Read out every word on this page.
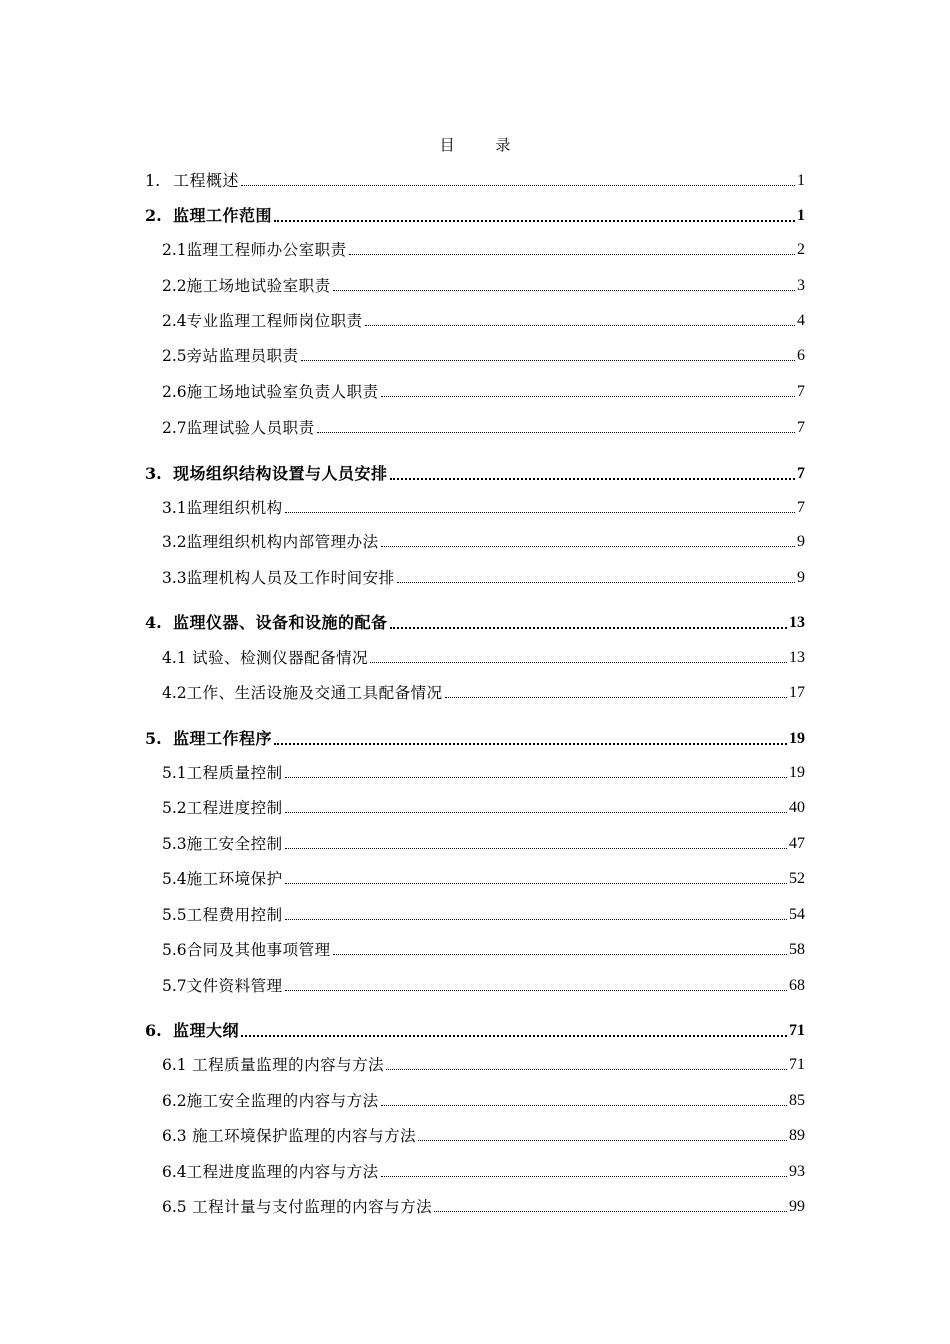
目 录
1. 工程概述	1
2. 监理工作范围	1
2.1 监理工程师办公室职责	2
2.2 施工场地试验室职责	3
2.4 专业监理工程师岗位职责	4
2.5 旁站监理员职责	6
2.6 施工场地试验室负责人职责	7
2.7 监理试验人员职责	7
3. 现场组织结构设置与人员安排	7
3.1 监理组织机构	7
3.2 监理组织机构内部管理办法	9
3.3 监理机构人员及工作时间安排	9
4. 监理仪器、设备和设施的配备	13
4.1 试验、检测仪器配备情况	13
4.2 工作、生活设施及交通工具配备情况	17
5. 监理工作程序	19
5.1 工程质量控制	19
5.2 工程进度控制	40
5.3 施工安全控制	47
5.4 施工环境保护	52
5.5 工程费用控制	54
5.6 合同及其他事项管理	58
5.7 文件资料管理	68
6. 监理大纲	71
6.1 工程质量监理的内容与方法	71
6.2 施工安全监理的内容与方法	85
6.3 施工环境保护监理的内容与方法	89
6.4 工程进度监理的内容与方法	93
6.5 工程计量与支付监理的内容与方法	99
